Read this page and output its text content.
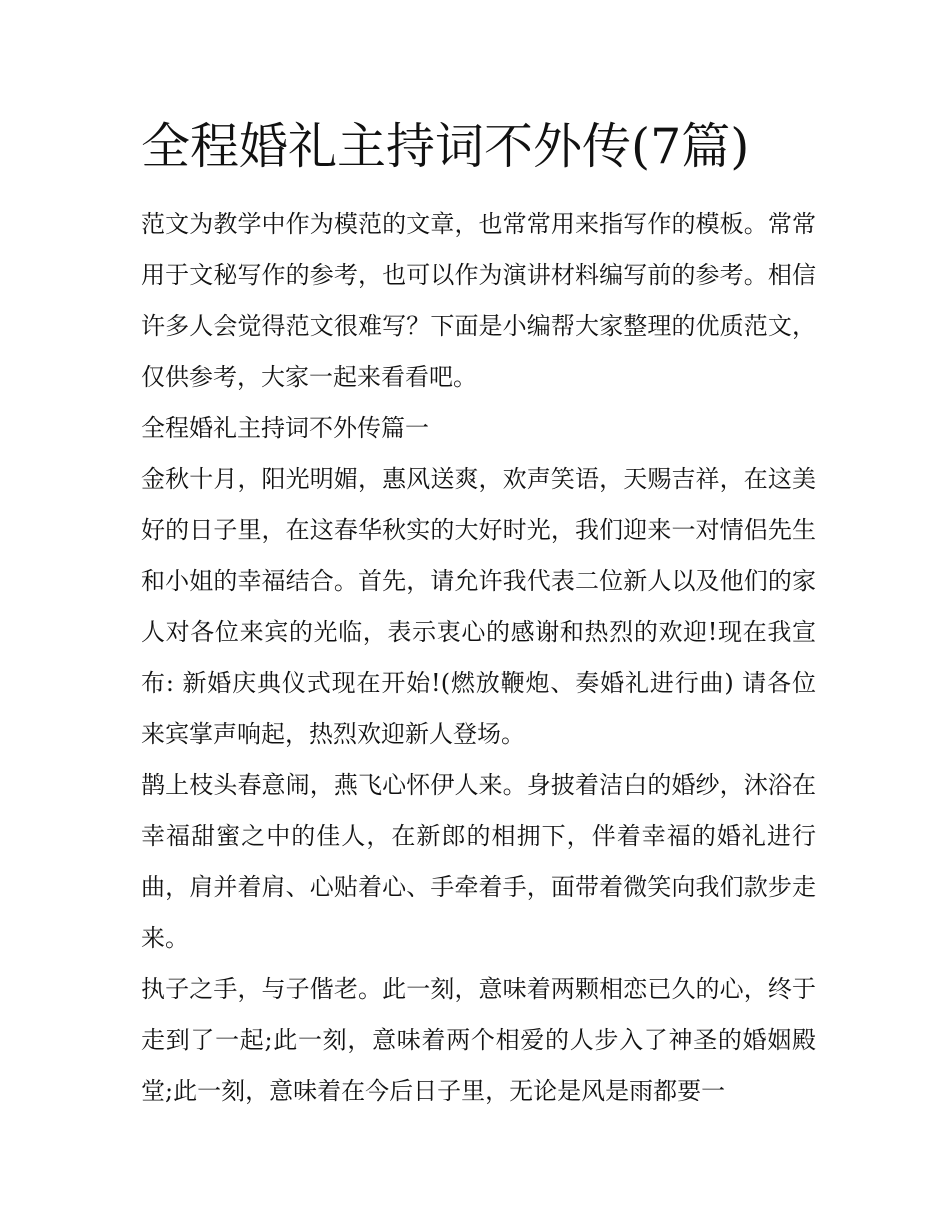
全程婚礼主持词不外传(7篇)

范文为教学中作为模范的文章，也常常用来指写作的模板。常常用于文秘写作的参考，也可以作为演讲材料编写前的参考。相信许多人会觉得范文很难写？下面是小编帮大家整理的优质范文，仅供参考，大家一起来看看吧。

全程婚礼主持词不外传篇一

金秋十月，阳光明媚，惠风送爽，欢声笑语，天赐吉祥，在这美好的日子里，在这春华秋实的大好时光，我们迎来一对情侣先生和小姐的幸福结合。首先，请允许我代表二位新人以及他们的家人对各位来宾的光临，表示衷心的感谢和热烈的欢迎!现在我宣布: 新婚庆典仪式现在开始!(燃放鞭炮、奏婚礼进行曲) 请各位来宾掌声响起，热烈欢迎新人登场。

鹊上枝头春意闹，燕飞心怀伊人来。身披着洁白的婚纱，沐浴在幸福甜蜜之中的佳人，在新郎的相拥下，伴着幸福的婚礼进行曲，肩并着肩、心贴着心、手牵着手，面带着微笑向我们款步走来。

执子之手，与子偕老。此一刻，意味着两颗相恋已久的心，终于走到了一起;此一刻，意味着两个相爱的人步入了神圣的婚姻殿堂;此一刻，意味着在今后日子里，无论是风是雨都要一
